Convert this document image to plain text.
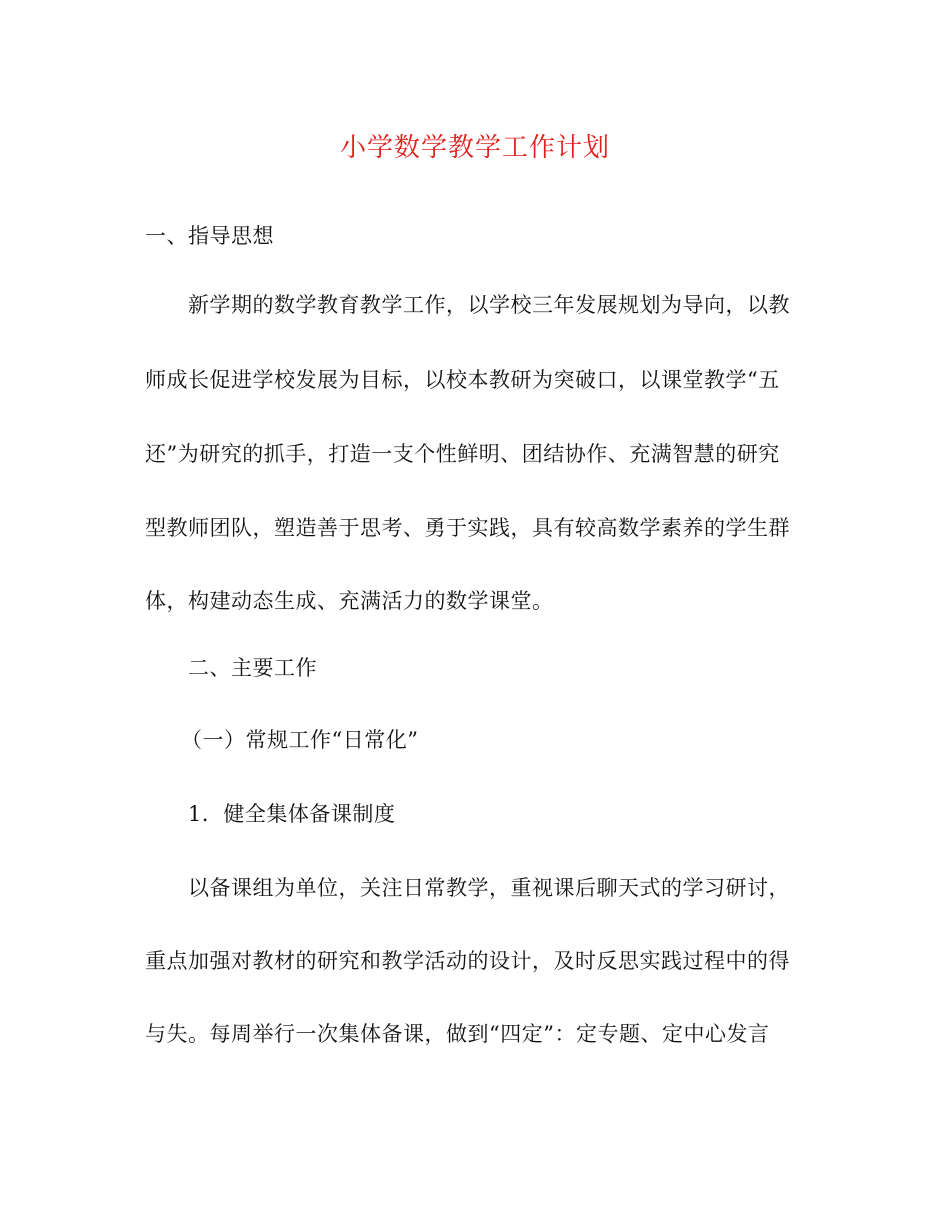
小学数学教学工作计划
一、指导思想
新学期的数学教育教学工作，以学校三年发展规划为导向，以教
师成长促进学校发展为目标，以校本教研为突破口，以课堂教学“五
还”为研究的抓手，打造一支个性鲜明、团结协作、充满智慧的研究
型教师团队，塑造善于思考、勇于实践，具有较高数学素养的学生群
体，构建动态生成、充满活力的数学课堂。
二、主要工作
（一）常规工作“日常化”
1．健全集体备课制度
以备课组为单位，关注日常教学，重视课后聊天式的学习研讨，
重点加强对教材的研究和教学活动的设计，及时反思实践过程中的得
与失。每周举行一次集体备课，做到“四定”：定专题、定中心发言
